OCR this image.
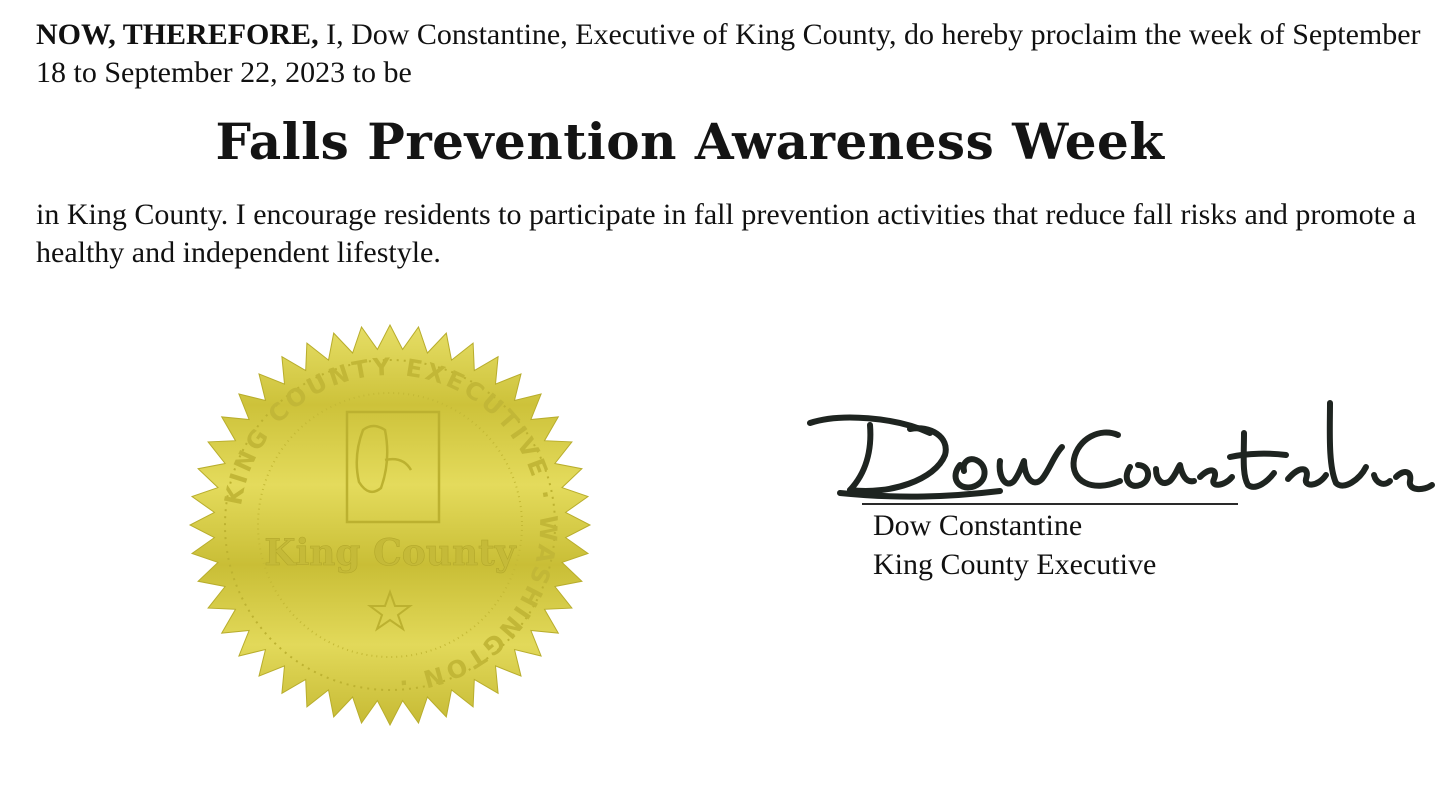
NOW, THEREFORE, I, Dow Constantine, Executive of King County, do hereby proclaim the week of September 18 to September 22, 2023 to be

Falls Prevention Awareness Week

in King County. I encourage residents to participate in fall prevention activities that reduce fall risks and promote a healthy and independent lifestyle.

KING COUNTY EXECUTIVE · WASHINGTON ·
King County

Dow Constantine

King County Executive
